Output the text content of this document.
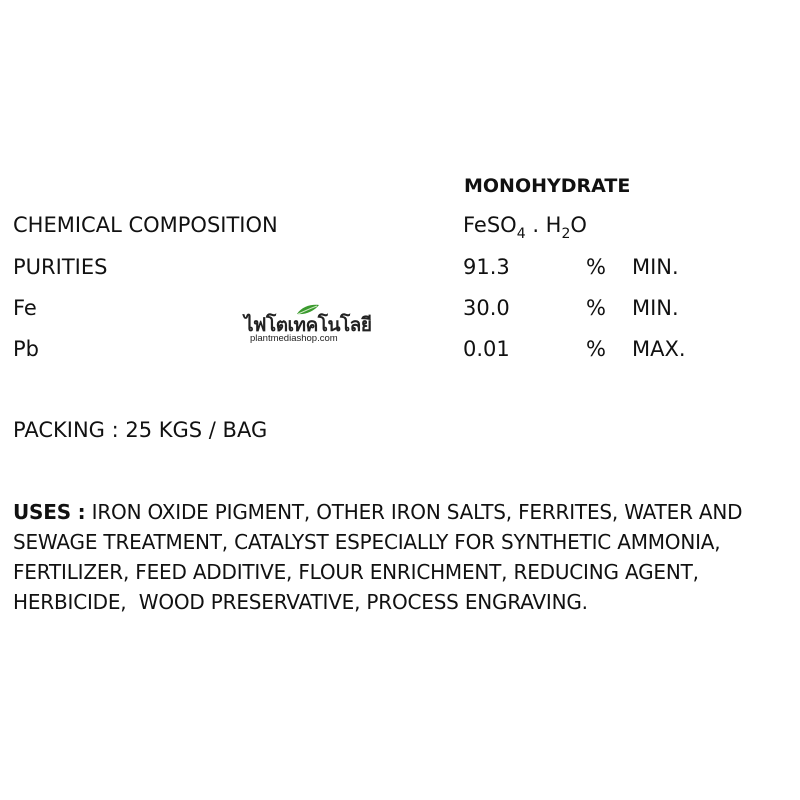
MONOHYDRATE
CHEMICAL COMPOSITION	FeSO$_4$ . $H_2O$
PURITIES	91.3	% MIN.
Fe	30.0	% MIN.
Pb	0.01	% MAX.
ไฟโตเทคโนโลยี
plantmediashop.com
PACKING : 25 KGS / BAG
USES : IRON OXIDE PIGMENT, OTHER IRON SALTS, FERRITES, WATER AND
SEWAGE TREATMENT, CATALYST ESPECIALLY FOR SYNTHETIC AMMONIA,
FERTILIZER, FEED ADDITIVE, FLOUR ENRICHMENT, REDUCING AGENT,
HERBICIDE,  WOOD PRESERVATIVE, PROCESS ENGRAVING.
